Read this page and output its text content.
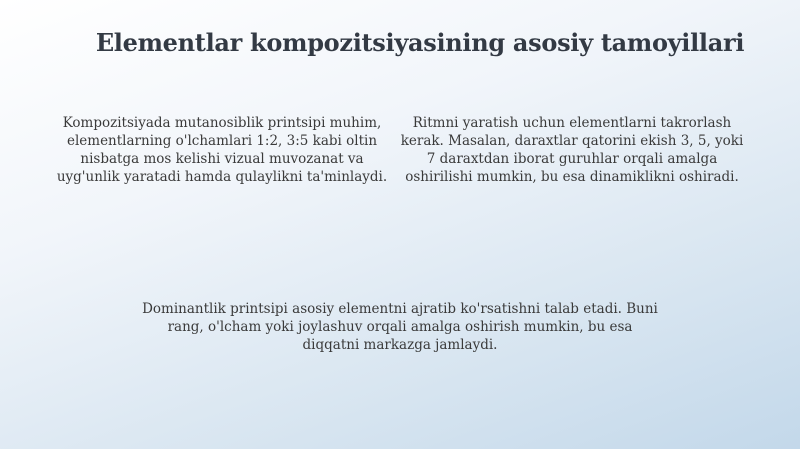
Elementlar kompozitsiyasining asosiy tamoyillari

Kompozitsiyada mutanosiblik printsipi muhim, elementlarning o'lchamlari 1:2, 3:5 kabi oltin nisbatga mos kelishi vizual muvozanat va uyg'unlik yaratadi hamda qulaylikni ta'minlaydi.

Ritmni yaratish uchun elementlarni takrorlash kerak. Masalan, daraxtlar qatorini ekish 3, 5, yoki 7 daraxtdan iborat guruhlar orqali amalga oshirilishi mumkin, bu esa dinamiklikni oshiradi.

Dominantlik printsipi asosiy elementni ajratib ko'rsatishni talab etadi. Buni rang, o'lcham yoki joylashuv orqali amalga oshirish mumkin, bu esa diqqatni markazga jamlaydi.
